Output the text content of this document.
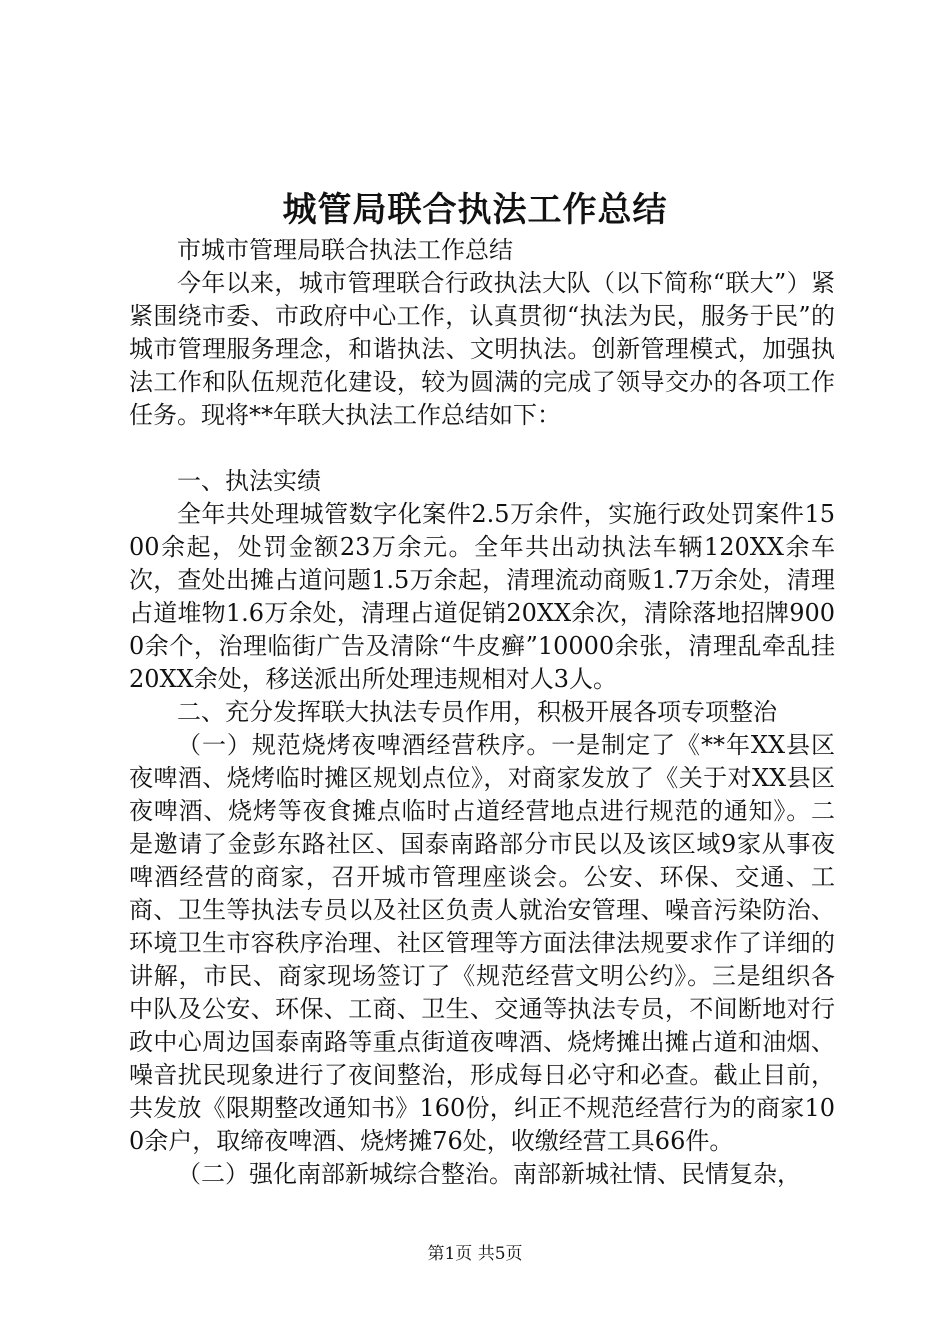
城管局联合执法工作总结

市城市管理局联合执法工作总结

今年以来，城市管理联合行政执法大队（以下简称“联大”）紧紧围绕市委、市政府中心工作，认真贯彻“执法为民，服务于民”的城市管理服务理念，和谐执法、文明执法。创新管理模式，加强执法工作和队伍规范化建设，较为圆满的完成了领导交办的各项工作任务。现将**年联大执法工作总结如下：

一、执法实绩

全年共处理城管数字化案件2.5万余件，实施行政处罚案件1500余起，处罚金额23万余元。全年共出动执法车辆120XX余车次，查处出摊占道问题1.5万余起，清理流动商贩1.7万余处，清理占道堆物1.6万余处，清理占道促销20XX余次，清除落地招牌9000余个，治理临街广告及清除“牛皮癣”10000余张，清理乱牵乱挂20XX余处，移送派出所处理违规相对人3人。

二、充分发挥联大执法专员作用，积极开展各项专项整治

（一）规范烧烤夜啤酒经营秩序。一是制定了《**年XX县区夜啤酒、烧烤临时摊区规划点位》，对商家发放了《关于对XX县区夜啤酒、烧烤等夜食摊点临时占道经营地点进行规范的通知》。二是邀请了金彭东路社区、国泰南路部分市民以及该区域9家从事夜啤酒经营的商家，召开城市管理座谈会。公安、环保、交通、工商、卫生等执法专员以及社区负责人就治安管理、噪音污染防治、环境卫生市容秩序治理、社区管理等方面法律法规要求作了详细的讲解，市民、商家现场签订了《规范经营文明公约》。三是组织各中队及公安、环保、工商、卫生、交通等执法专员，不间断地对行政中心周边国泰南路等重点街道夜啤酒、烧烤摊出摊占道和油烟、噪音扰民现象进行了夜间整治，形成每日必守和必查。截止目前，共发放《限期整改通知书》160份，纠正不规范经营行为的商家100余户，取缔夜啤酒、烧烤摊76处，收缴经营工具66件。

（二）强化南部新城综合整治。南部新城社情、民情复杂，

第1页 共5页
